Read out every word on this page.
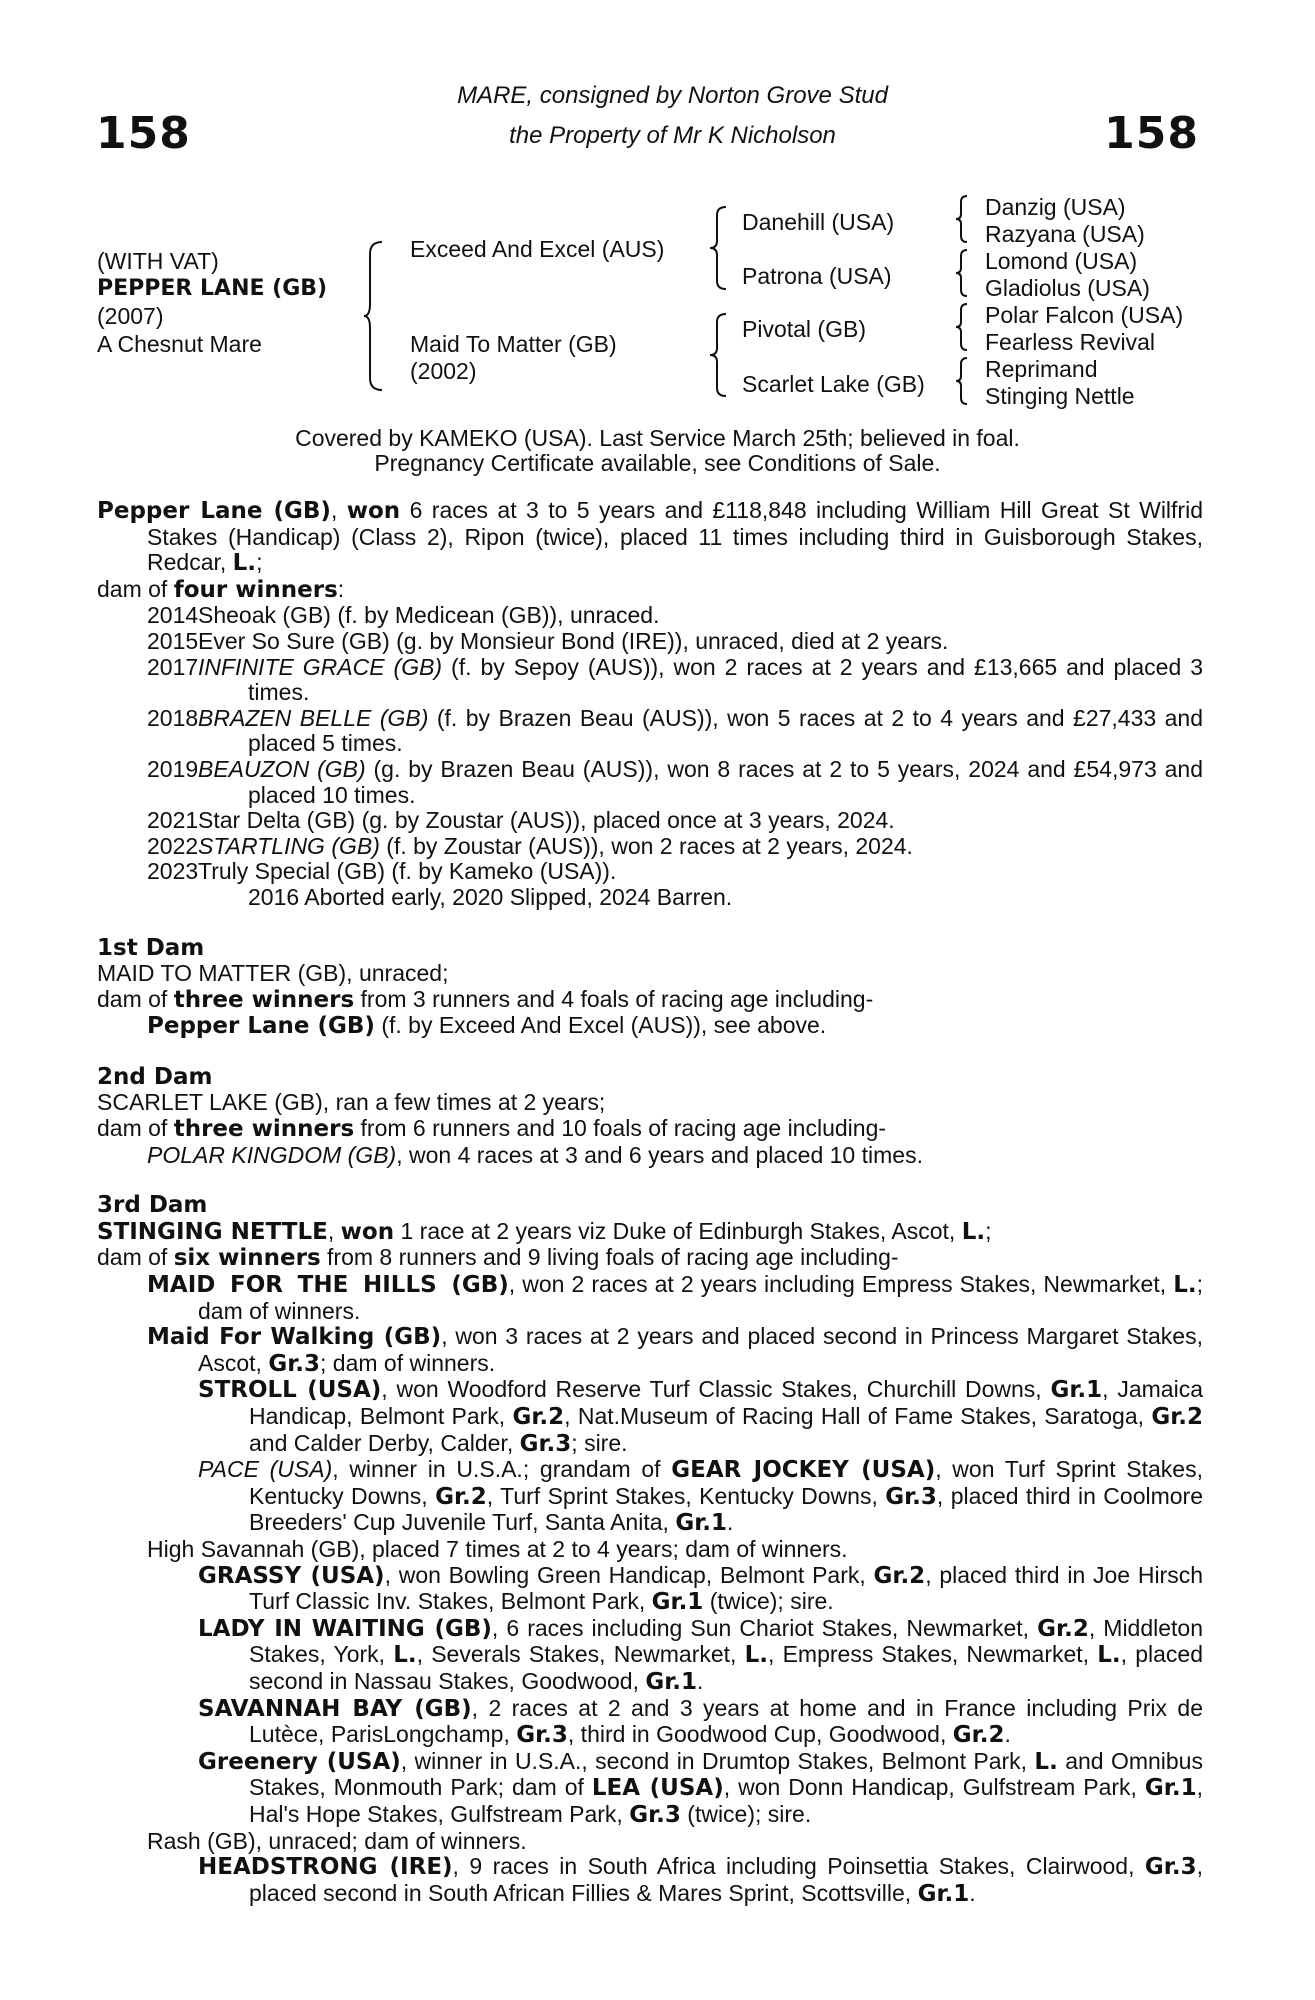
158	158
MARE, consigned by Norton Grove Stud
the Property of Mr K Nicholson
(WITH VAT)
PEPPER LANE (GB)
(2007)
A Chesnut Mare
Exceed And Excel (AUS)
Maid To Matter (GB)
(2002)
Danehill (USA)
Patrona (USA)
Pivotal (GB)
Scarlet Lake (GB)
Danzig (USA)
Razyana (USA)
Lomond (USA)
Gladiolus (USA)
Polar Falcon (USA)
Fearless Revival
Reprimand
Stinging Nettle
Covered by KAMEKO (USA). Last Service March 25th; believed in foal.
Pregnancy Certificate available, see Conditions of Sale.
Pepper Lane (GB), won 6 races at 3 to 5 years and £118,848 including William Hill Great St Wilfrid Stakes (Handicap) (Class 2), Ripon (twice), placed 11 times including third in Guisborough Stakes, Redcar, L.;
dam of four winners:
2014 Sheoak (GB) (f. by Medicean (GB)), unraced.
2015 Ever So Sure (GB) (g. by Monsieur Bond (IRE)), unraced, died at 2 years.
2017 INFINITE GRACE (GB) (f. by Sepoy (AUS)), won 2 races at 2 years and £13,665 and placed 3 times.
2018 BRAZEN BELLE (GB) (f. by Brazen Beau (AUS)), won 5 races at 2 to 4 years and £27,433 and placed 5 times.
2019 BEAUZON (GB) (g. by Brazen Beau (AUS)), won 8 races at 2 to 5 years, 2024 and £54,973 and placed 10 times.
2021 Star Delta (GB) (g. by Zoustar (AUS)), placed once at 3 years, 2024.
2022 STARTLING (GB) (f. by Zoustar (AUS)), won 2 races at 2 years, 2024.
2023 Truly Special (GB) (f. by Kameko (USA)).
2016 Aborted early, 2020 Slipped, 2024 Barren.
1st Dam
MAID TO MATTER (GB), unraced;
dam of three winners from 3 runners and 4 foals of racing age including-
Pepper Lane (GB) (f. by Exceed And Excel (AUS)), see above.
2nd Dam
SCARLET LAKE (GB), ran a few times at 2 years;
dam of three winners from 6 runners and 10 foals of racing age including-
POLAR KINGDOM (GB), won 4 races at 3 and 6 years and placed 10 times.
3rd Dam
STINGING NETTLE, won 1 race at 2 years viz Duke of Edinburgh Stakes, Ascot, L.;
dam of six winners from 8 runners and 9 living foals of racing age including-
MAID FOR THE HILLS (GB), won 2 races at 2 years including Empress Stakes, Newmarket, L.; dam of winners.
Maid For Walking (GB), won 3 races at 2 years and placed second in Princess Margaret Stakes, Ascot, Gr.3; dam of winners.
STROLL (USA), won Woodford Reserve Turf Classic Stakes, Churchill Downs, Gr.1, Jamaica Handicap, Belmont Park, Gr.2, Nat.Museum of Racing Hall of Fame Stakes, Saratoga, Gr.2 and Calder Derby, Calder, Gr.3; sire.
PACE (USA), winner in U.S.A.; grandam of GEAR JOCKEY (USA), won Turf Sprint Stakes, Kentucky Downs, Gr.2, Turf Sprint Stakes, Kentucky Downs, Gr.3, placed third in Coolmore Breeders' Cup Juvenile Turf, Santa Anita, Gr.1.
High Savannah (GB), placed 7 times at 2 to 4 years; dam of winners.
GRASSY (USA), won Bowling Green Handicap, Belmont Park, Gr.2, placed third in Joe Hirsch Turf Classic Inv. Stakes, Belmont Park, Gr.1 (twice); sire.
LADY IN WAITING (GB), 6 races including Sun Chariot Stakes, Newmarket, Gr.2, Middleton Stakes, York, L., Severals Stakes, Newmarket, L., Empress Stakes, Newmarket, L., placed second in Nassau Stakes, Goodwood, Gr.1.
SAVANNAH BAY (GB), 2 races at 2 and 3 years at home and in France including Prix de Lutèce, ParisLongchamp, Gr.3, third in Goodwood Cup, Goodwood, Gr.2.
Greenery (USA), winner in U.S.A., second in Drumtop Stakes, Belmont Park, L. and Omnibus Stakes, Monmouth Park; dam of LEA (USA), won Donn Handicap, Gulfstream Park, Gr.1, Hal's Hope Stakes, Gulfstream Park, Gr.3 (twice); sire.
Rash (GB), unraced; dam of winners.
HEADSTRONG (IRE), 9 races in South Africa including Poinsettia Stakes, Clairwood, Gr.3, placed second in South African Fillies & Mares Sprint, Scottsville, Gr.1.
